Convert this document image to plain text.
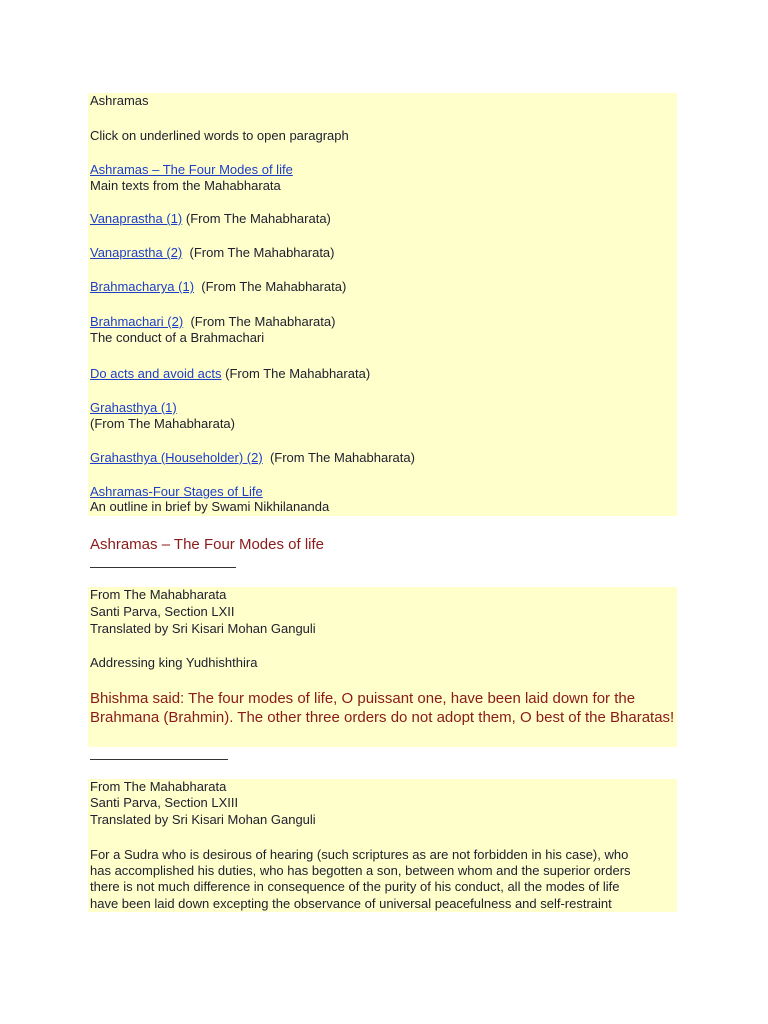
Ashramas
Click on underlined words to open paragraph
Ashramas – The Four Modes of life
Main texts from the Mahabharata
Vanaprastha (1) (From The Mahabharata)
Vanaprastha (2) (From The Mahabharata)
Brahmacharya (1) (From The Mahabharata)
Brahmachari (2) (From The Mahabharata)
The conduct of a Brahmachari
Do acts and avoid acts (From The Mahabharata)
Grahasthya (1)
(From The Mahabharata)
Grahasthya (Householder) (2) (From The Mahabharata)
Ashramas-Four Stages of Life
An outline in brief by Swami Nikhilananda
Ashramas – The Four Modes of life
From The Mahabharata
Santi Parva, Section LXII
Translated by Sri Kisari Mohan Ganguli
Addressing king Yudhishthira
Bhishma said: The four modes of life, O puissant one, have been laid down for the Brahmana (Brahmin). The other three orders do not adopt them, O best of the Bharatas!
From The Mahabharata
Santi Parva, Section LXIII
Translated by Sri Kisari Mohan Ganguli
For a Sudra who is desirous of hearing (such scriptures as are not forbidden in his case), who
has accomplished his duties, who has begotten a son, between whom and the superior orders
there is not much difference in consequence of the purity of his conduct, all the modes of life
have been laid down excepting the observance of universal peacefulness and self-restraint
